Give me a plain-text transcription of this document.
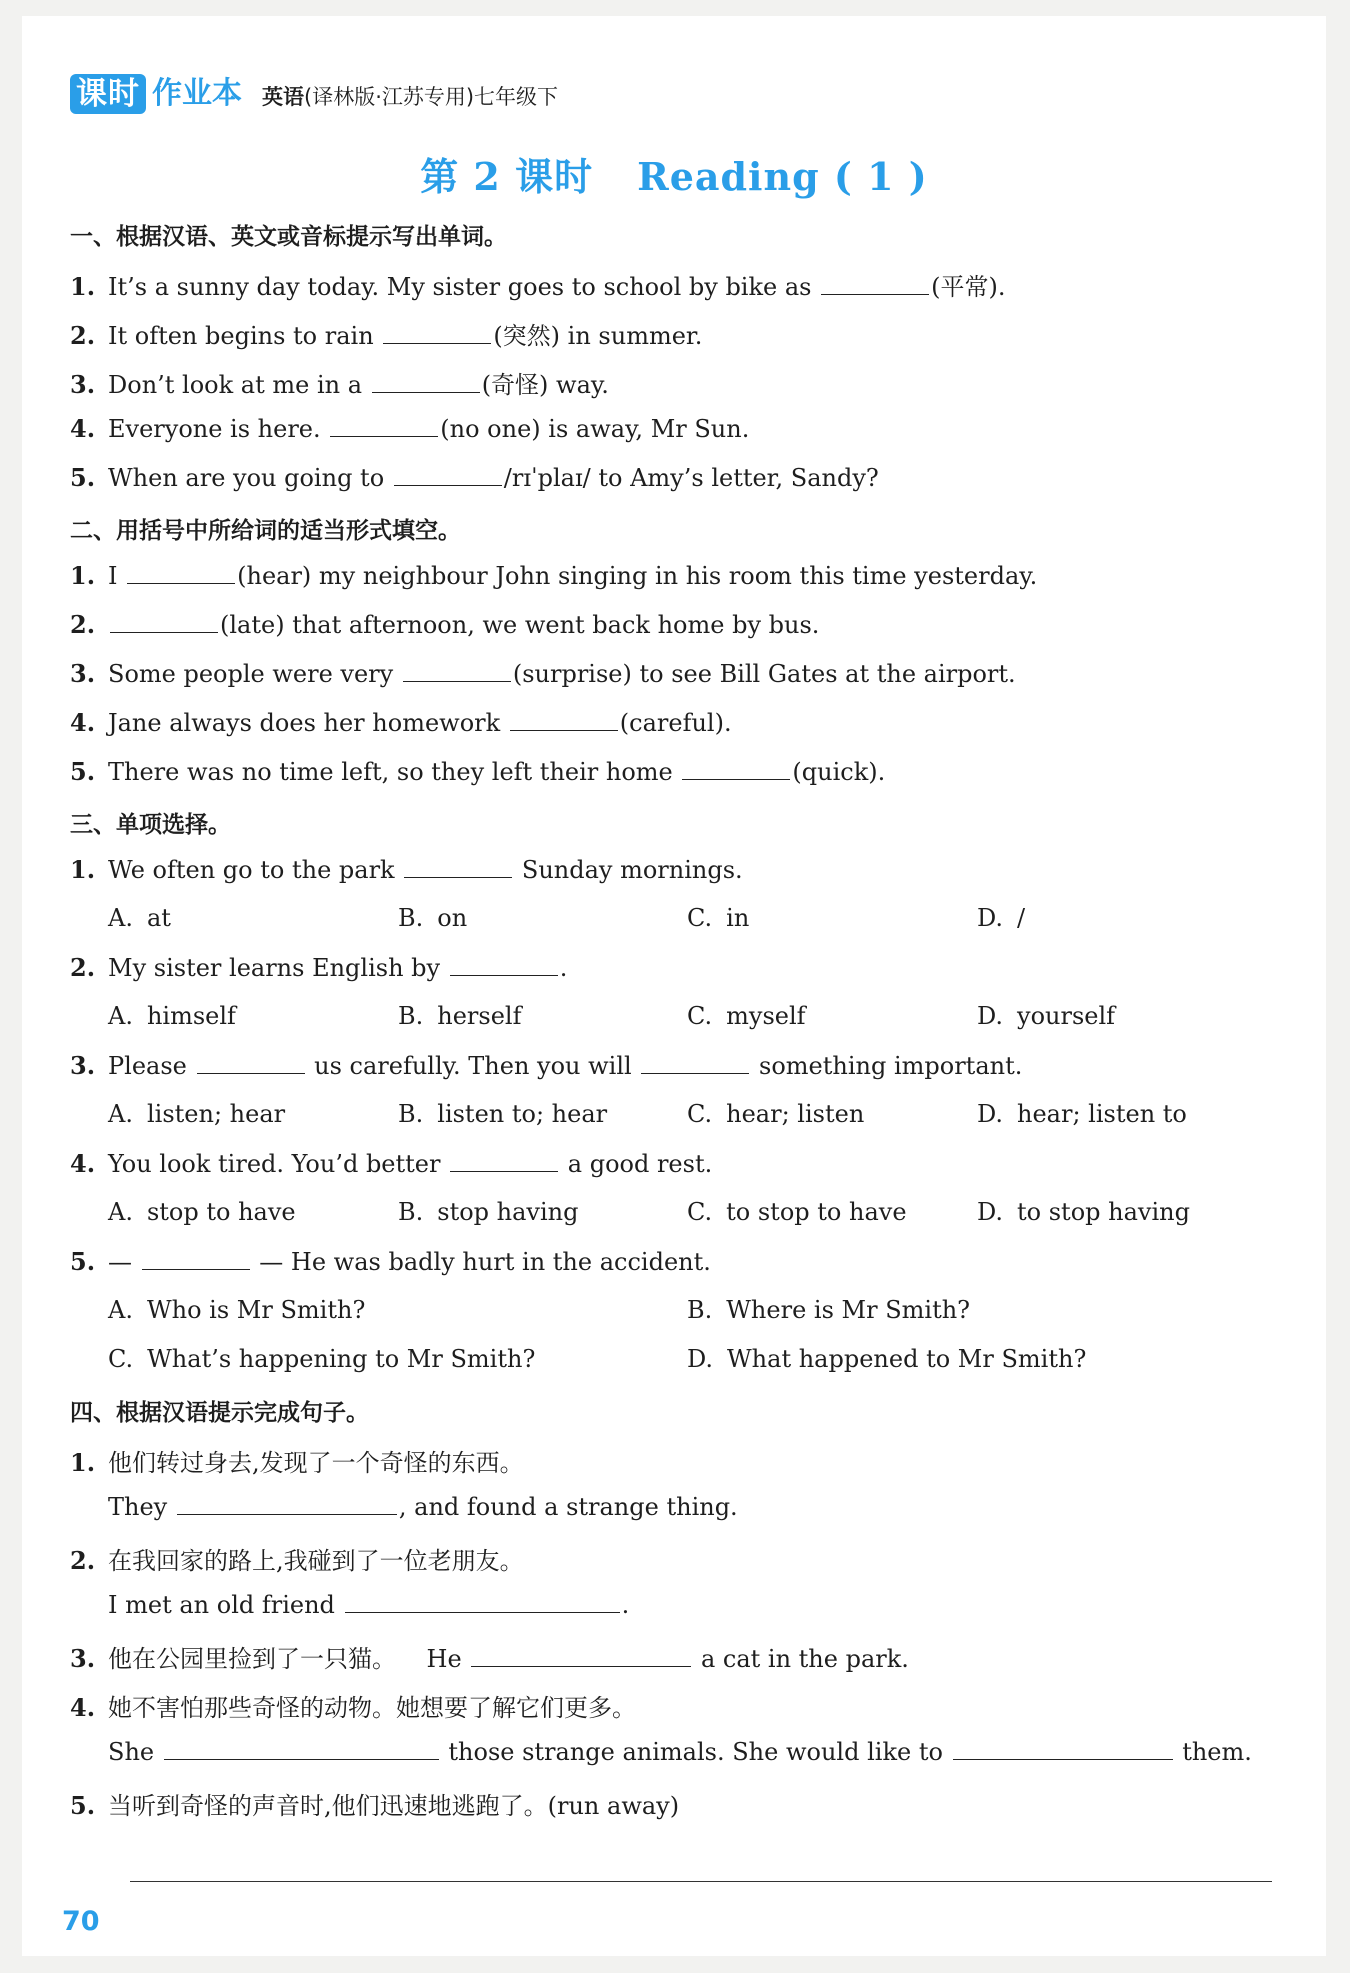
课时 作业本 英语(译林版·江苏专用)七年级下
第 2 课时 Reading ( 1 )
一、根据汉语、英文或音标提示写出单词。
1. It’s a sunny day today. My sister goes to school by bike as	(平常).
2. It often begins to rain	(突然) in summer.
3. Don’t look at me in a	(奇怪) way.
4. Everyone is here.	(no one) is away, Mr Sun.
5. When are you going to	/rɪˈplaɪ/ to Amy’s letter, Sandy?
二、用括号中所给词的适当形式填空。
1. I	(hear) my neighbour John singing in his room this time yesterday.
2.	(late) that afternoon, we went back home by bus.
3. Some people were very	(surprise) to see Bill Gates at the airport.
4. Jane always does her homework	(careful).
5. There was no time left, so they left their home	(quick).
三、单项选择。
1. We often go to the park	Sunday mornings.
A. at	B. on	C. in	D. /
2. My sister learns English by	.
A. himself	B. herself	C. myself	D. yourself
3. Please	us carefully. Then you will	something important.
A. listen; hear	B. listen to; hear	C. hear; listen	D. hear; listen to
4. You look tired. You’d better	a good rest.
A. stop to have	B. stop having	C. to stop to have	D. to stop having
5. —	— He was badly hurt in the accident.
A. Who is Mr Smith?	B. Where is Mr Smith?
C. What’s happening to Mr Smith?	D. What happened to Mr Smith?
四、根据汉语提示完成句子。
1. 他们转过身去,发现了一个奇怪的东西。
They	, and found a strange thing.
2. 在我回家的路上,我碰到了一位老朋友。
I met an old friend	.
3. 他在公园里捡到了一只猫。 He	a cat in the park.
4. 她不害怕那些奇怪的动物。她想要了解它们更多。
She	those strange animals. She would like to	them.
5. 当听到奇怪的声音时,他们迅速地逃跑了。(run away)
70
